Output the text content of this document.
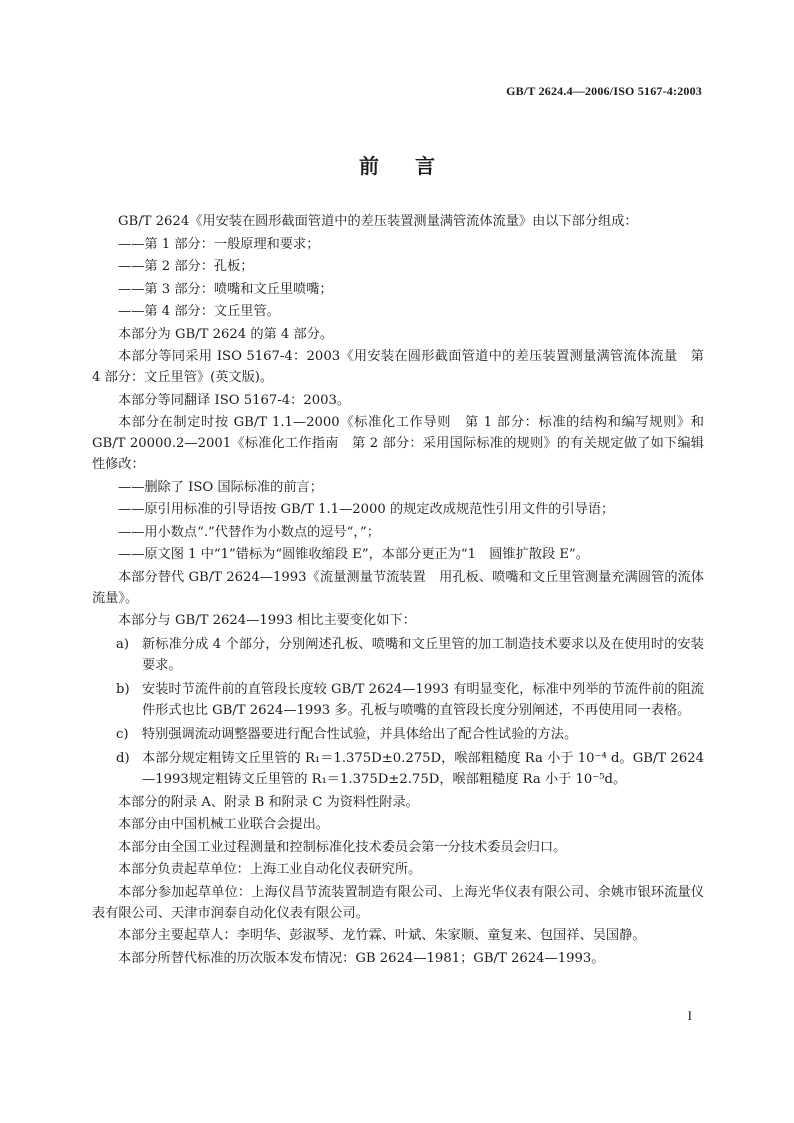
GB/T 2624.4—2006/ISO 5167-4:2003
前言

GB/T 2624《用安装在圆形截面管道中的差压装置测量满管流体流量》由以下部分组成：

——第 1 部分：一般原理和要求；

——第 2 部分：孔板；

——第 3 部分：喷嘴和文丘里喷嘴；

——第 4 部分：文丘里管。

本部分为 GB/T 2624 的第 4 部分。

本部分等同采用 ISO 5167-4：2003《用安装在圆形截面管道中的差压装置测量满管流体流量　第 4 部分：文丘里管》(英文版)。

本部分等同翻译 ISO 5167-4：2003。

本部分在制定时按 GB/T 1.1—2000《标准化工作导则　第 1 部分：标准的结构和编写规则》和 GB/T 20000.2—2001《标准化工作指南　第 2 部分：采用国际标准的规则》的有关规定做了如下编辑性修改：

——删除了 ISO 国际标准的前言；

——原引用标准的引导语按 GB/T 1.1—2000 的规定改成规范性引用文件的引导语；

——用小数点“.”代替作为小数点的逗号“，”；

——原文图 1 中“1”错标为“圆锥收缩段 E”，本部分更正为“1　圆锥扩散段 E”。

本部分替代 GB/T 2624—1993《流量测量节流装置　用孔板、喷嘴和文丘里管测量充满圆管的流体流量》。

本部分与 GB/T 2624—1993 相比主要变化如下：

a) 新标准分成 4 个部分，分别阐述孔板、喷嘴和文丘里管的加工制造技术要求以及在使用时的安装要求。
b) 安装时节流件前的直管段长度较 GB/T 2624—1993 有明显变化，标准中列举的节流件前的阻流件形式也比 GB/T 2624—1993 多。孔板与喷嘴的直管段长度分别阐述，不再使用同一表格。
c) 特别强调流动调整器要进行配合性试验，并具体给出了配合性试验的方法。
d) 本部分规定粗铸文丘里管的 R₁＝1.375D±0.275D，喉部粗糙度 Ra 小于 10⁻⁴ d。GB/T 2624—1993规定粗铸文丘里管的 R₁＝1.375D±2.75D，喉部粗糙度 Ra 小于 10⁻⁵d。

本部分的附录 A、附录 B 和附录 C 为资料性附录。

本部分由中国机械工业联合会提出。

本部分由全国工业过程测量和控制标准化技术委员会第一分技术委员会归口。

本部分负责起草单位：上海工业自动化仪表研究所。

本部分参加起草单位：上海仪昌节流装置制造有限公司、上海光华仪表有限公司、余姚市银环流量仪表有限公司、天津市润泰自动化仪表有限公司。

本部分主要起草人：李明华、彭淑琴、龙竹霖、叶斌、朱家顺、童复来、包国祥、吴国静。

本部分所替代标准的历次版本发布情况：GB 2624—1981；GB/T 2624—1993。

I
